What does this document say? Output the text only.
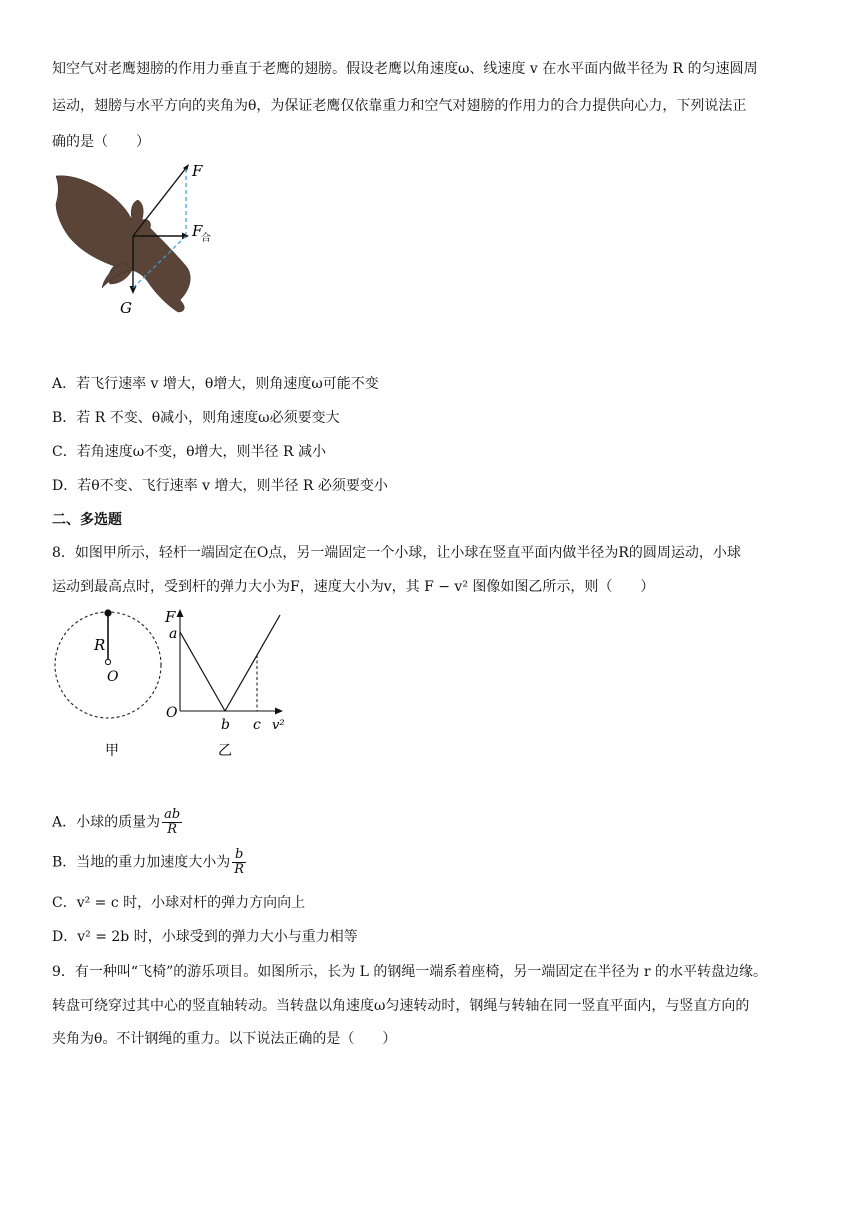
知空气对老鹰翅膀的作用力垂直于老鹰的翅膀。假设老鹰以角速度ω、线速度 v 在水平面内做半径为 R 的匀速圆周
运动，翅膀与水平方向的夹角为θ，为保证老鹰仅依靠重力和空气对翅膀的作用力的合力提供向心力，下列说法正
确的是（　　）
F
F
合
G
A．若飞行速率 v 增大，θ增大，则角速度ω可能不变
B．若 R 不变、θ减小，则角速度ω必须要变大
C．若角速度ω不变，θ增大，则半径 R 减小
D．若θ不变、飞行速率 v 增大，则半径 R 必须要变小
二、多选题
8．如图甲所示，轻杆一端固定在O点，另一端固定一个小球，让小球在竖直平面内做半径为R的圆周运动，小球
运动到最高点时，受到杆的弹力大小为F，速度大小为v，其 F − v² 图像如图乙所示，则（　　）
R
O
甲
F
a
O
b c v²
乙
A．小球的质量为 $\frac{ab}{R}$
B．当地的重力加速度大小为 $\frac{b}{R}$
C．v² = c 时，小球对杆的弹力方向向上
D．v² = 2b 时，小球受到的弹力大小与重力相等
9．有一种叫“飞椅”的游乐项目。如图所示，长为 L 的钢绳一端系着座椅，另一端固定在半径为 r 的水平转盘边缘。
转盘可绕穿过其中心的竖直轴转动。当转盘以角速度ω匀速转动时，钢绳与转轴在同一竖直平面内，与竖直方向的
夹角为θ。不计钢绳的重力。以下说法正确的是（　　）
